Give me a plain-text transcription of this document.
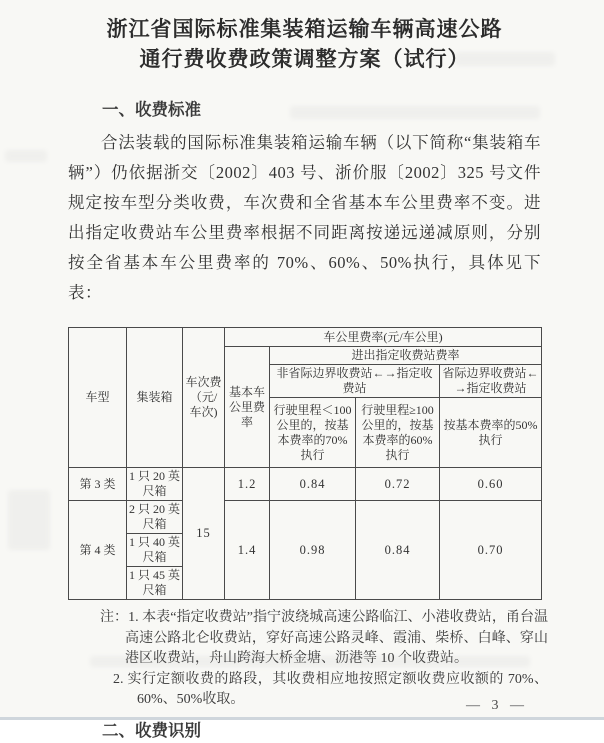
浙江省国际标准集装箱运输车辆高速公路
通行费收费政策调整方案（试行）
一、收费标准

合法装载的国际标准集装箱运输车辆（以下简称“集装箱车辆”）仍依据浙交〔2002〕403 号、浙价服〔2002〕325 号文件规定按车型分类收费，车次费和全省基本车公里费率不变。进出指定收费站车公里费率根据不同距离按递远递减原则，分别按全省基本车公里费率的 70%、60%、50%执行，具体见下表：

车型	集装箱	车次费（元/车次)	车公里费率(元/车公里)			
			基本车公里费率	进出指定收费站费率		
				非省际边界收费站←→指定收费站		省际边界收费站←→指定收费站
				行驶里程＜100 公里的，按基本费率的70%执行	行驶里程≥100 公里的，按基本费率的60%执行	按基本费率的50%执行
第 3 类	1 只 20 英尺箱	15	1.2	0.84	0.72	0.60
第 4 类	2 只 20 英尺箱		1.4	0.98	0.84	0.70
	1 只 40 英尺箱					
	1 只 45 英尺箱					

注：1. 本表“指定收费站”指宁波绕城高速公路临江、小港收费站，甬台温高速公路北仑收费站，穿好高速公路灵峰、霞浦、柴桥、白峰、穿山港区收费站，舟山跨海大桥金塘、沥港等 10 个收费站。

2. 实行定额收费的路段，其收费相应地按照定额收费应收额的 70%、60%、50%收取。

二、收费识别
— 3 —
